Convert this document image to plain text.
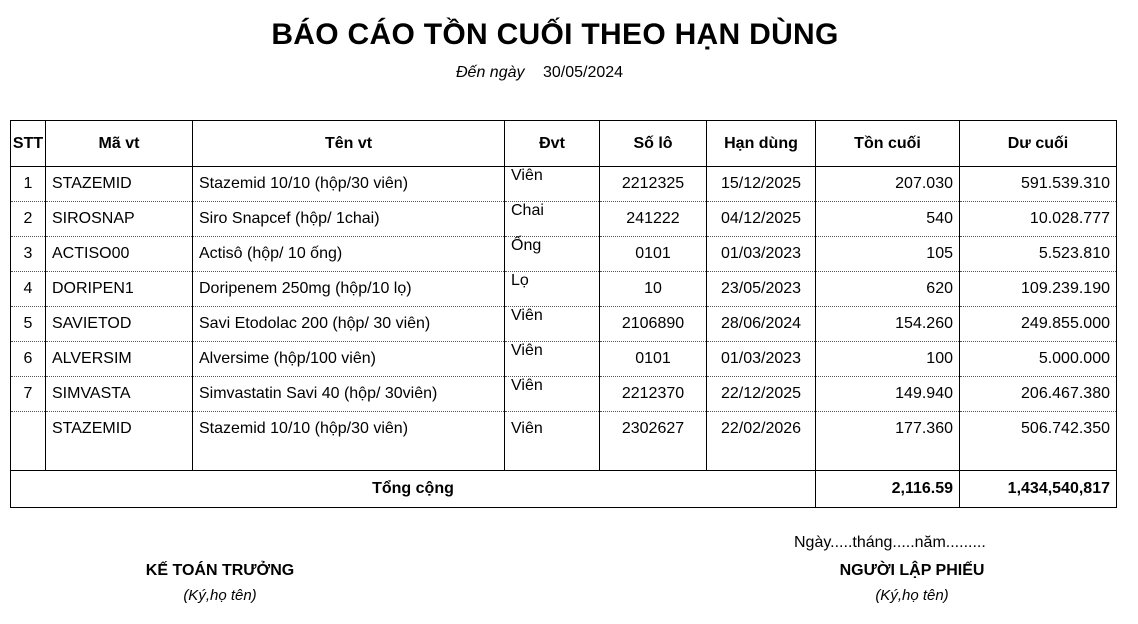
BÁO CÁO TỒN CUỐI THEO HẠN DÙNG
Đến ngày 30/05/2024
STT	Mã vt	Tên vt	Đvt	Số lô	Hạn dùng	Tồn cuối	Dư cuối
1	STAZEMID	Stazemid 10/10 (hộp/30 viên)	Viên	2212325	15/12/2025	207.030	591.539.310
2	SIROSNAP	Siro Snapcef (hộp/ 1chai)	Chai	241222	04/12/2025	540	10.028.777
3	ACTISO00	Actisô (hộp/ 10 ống)	Ống	0101	01/03/2023	105	5.523.810
4	DORIPEN1	Doripenem 250mg (hộp/10 lọ)	Lọ	10	23/05/2023	620	109.239.190
5	SAVIETOD	Savi Etodolac 200 (hộp/ 30 viên)	Viên	2106890	28/06/2024	154.260	249.855.000
6	ALVERSIM	Alversime (hộp/100 viên)	Viên	0101	01/03/2023	100	5.000.000
7	SIMVASTA	Simvastatin Savi 40 (hộp/ 30viên)	Viên	2212370	22/12/2025	149.940	206.467.380
	STAZEMID	Stazemid 10/10 (hộp/30 viên)	Viên	2302627	22/02/2026	177.360	506.742.350
Tổng cộng	2,116.59	1,434,540,817
Ngày.....tháng.....năm.........
KẾ TOÁN TRƯỞNG
(Ký,họ tên)
NGƯỜI LẬP PHIẾU
(Ký,họ tên)
